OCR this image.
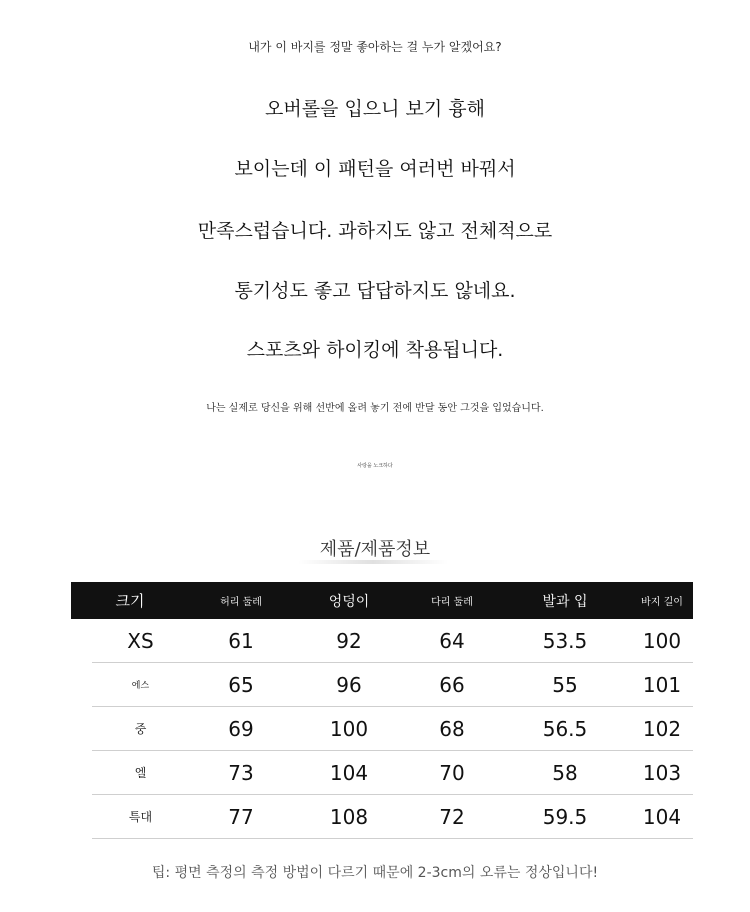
내가 이 바지를 정말 좋아하는 걸 누가 알겠어요?
오버롤을 입으니 보기 흉해
보이는데 이 패턴을 여러번 바꿔서
만족스럽습니다. 과하지도 않고 전체적으로
통기성도 좋고 답답하지도 않네요.
스포츠와 하이킹에 착용됩니다.
나는 실제로 당신을 위해 선반에 올려 놓기 전에 반달 동안 그것을 입었습니다.
사랑을 노크하다
제품/제품정보
크기	허리 둘레	엉덩이	다리 둘레	발과 입	바지 길이
XS	61	92	64	53.5	100
에스	65	96	66	55	101
중	69	100	68	56.5	102
엘	73	104	70	58	103
특대	77	108	72	59.5	104
팁: 평면 측정의 측정 방법이 다르기 때문에 2-3cm의 오류는 정상입니다!
